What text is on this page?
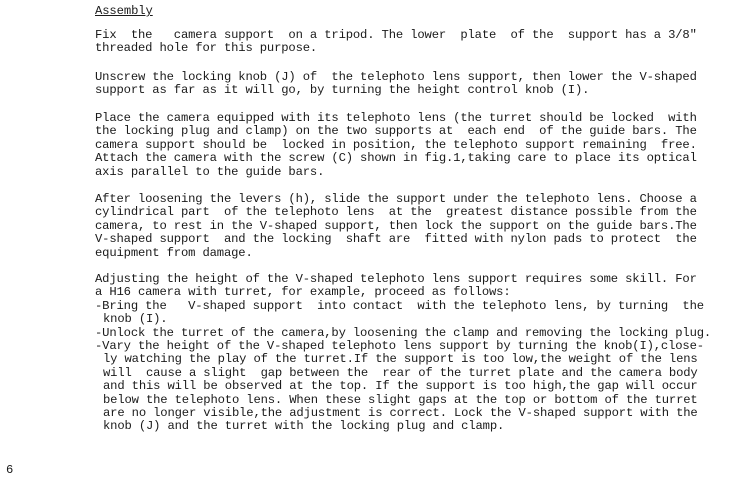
Assembly
Fix  the   camera support  on a tripod. The lower  plate  of the  support has a 3/8"
threaded hole for this purpose.
Unscrew the locking knob (J) of  the telephoto lens support, then lower the V-shaped
support as far as it will go, by turning the height control knob (I).
Place the camera equipped with its telephoto lens (the turret should be locked  with
the locking plug and clamp) on the two supports at  each end  of the guide bars. The
camera support should be  locked in position, the telephoto support remaining  free.
Attach the camera with the screw (C) shown in fig.1,taking care to place its optical
axis parallel to the guide bars.
After loosening the levers (h), slide the support under the telephoto lens. Choose a
cylindrical part  of the telephoto lens  at the  greatest distance possible from the
camera, to rest in the V-shaped support, then lock the support on the guide bars.The
V-shaped support  and the locking  shaft are  fitted with nylon pads to protect  the
equipment from damage.
Adjusting the height of the V-shaped telephoto lens support requires some skill. For
a H16 camera with turret, for example, proceed as follows:
-Bring the   V-shaped support  into contact  with the telephoto lens, by turning  the
knob (I).
-Unlock the turret of the camera,by loosening the clamp and removing the locking plug.
-Vary the height of the V-shaped telephoto lens support by turning the knob(I),close-
ly watching the play of the turret.If the support is too low,the weight of the lens
will  cause a slight  gap between the  rear of the turret plate and the camera body
and this will be observed at the top. If the support is too high,the gap will occur
below the telephoto lens. When these slight gaps at the top or bottom of the turret
are no longer visible,the adjustment is correct. Lock the V-shaped support with the
knob (J) and the turret with the locking plug and clamp.
6
